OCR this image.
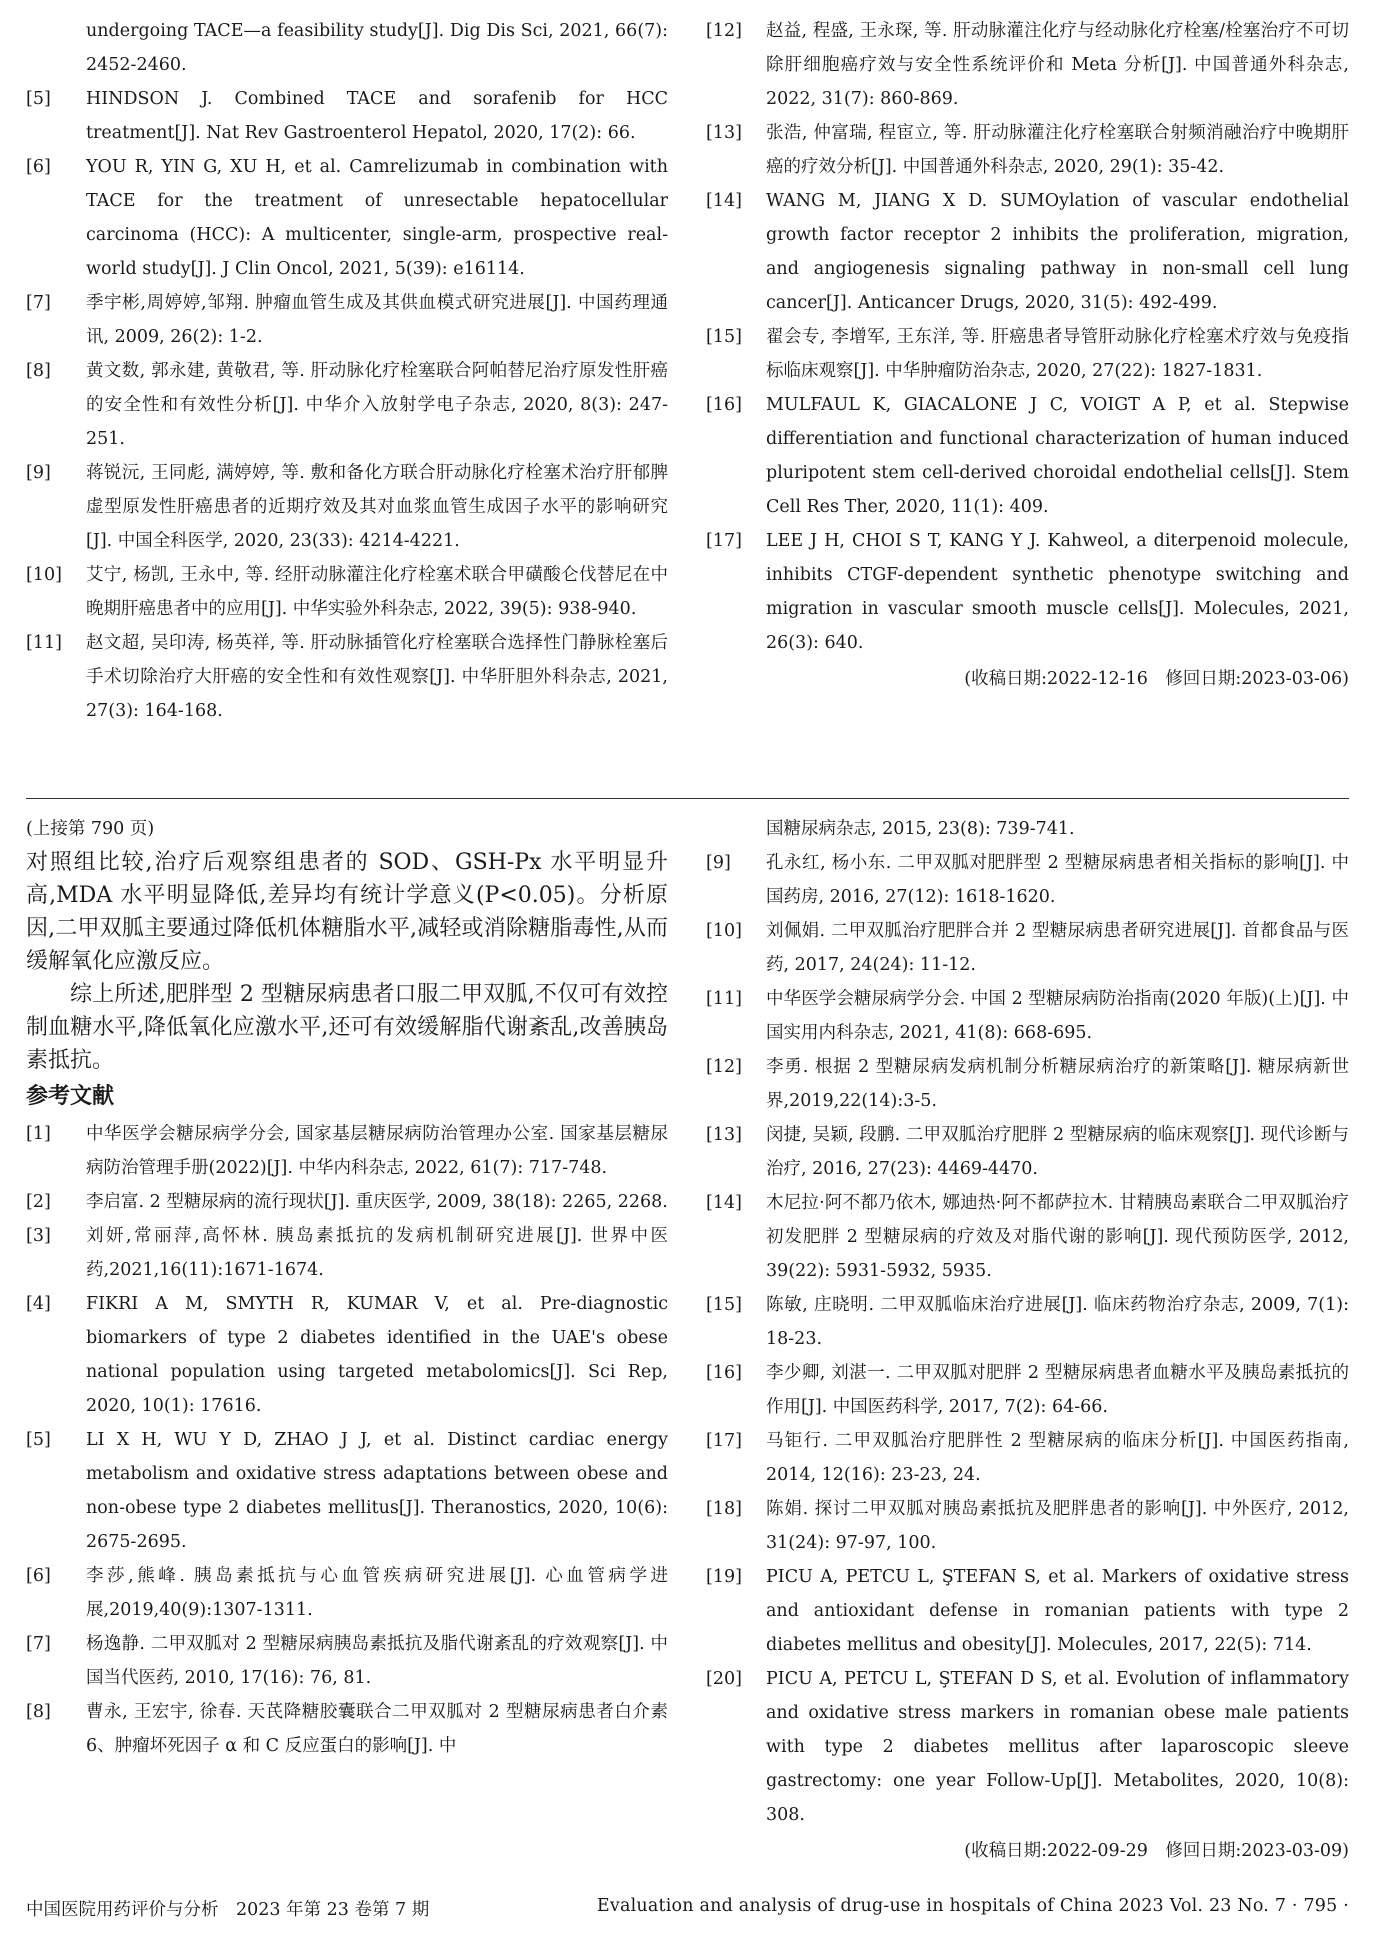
undergoing TACE—a feasibility study[J]. Dig Dis Sci, 2021, 66(7): 2452-2460.
[5]	HINDSON J. Combined TACE and sorafenib for HCC treatment[J]. Nat Rev Gastroenterol Hepatol, 2020, 17(2): 66.
[6]	YOU R, YIN G, XU H, et al. Camrelizumab in combination with TACE for the treatment of unresectable hepatocellular carcinoma (HCC): A multicenter, single-arm, prospective real-world study[J]. J Clin Oncol, 2021, 5(39): e16114.
[7]	季宇彬,周婷婷,邹翔. 肿瘤血管生成及其供血模式研究进展[J]. 中国药理通讯, 2009, 26(2): 1-2.
[8]	黄文数, 郭永建, 黄敬君, 等. 肝动脉化疗栓塞联合阿帕替尼治疗原发性肝癌的安全性和有效性分析[J]. 中华介入放射学电子杂志, 2020, 8(3): 247-251.
[9]	蒋锐沅, 王同彪, 满婷婷, 等. 敷和备化方联合肝动脉化疗栓塞术治疗肝郁脾虚型原发性肝癌患者的近期疗效及其对血浆血管生成因子水平的影响研究[J]. 中国全科医学, 2020, 23(33): 4214-4221.
[10]	艾宁, 杨凯, 王永中, 等. 经肝动脉灌注化疗栓塞术联合甲磺酸仑伐替尼在中晚期肝癌患者中的应用[J]. 中华实验外科杂志, 2022, 39(5): 938-940.
[11]	赵文超, 吴印涛, 杨英祥, 等. 肝动脉插管化疗栓塞联合选择性门静脉栓塞后手术切除治疗大肝癌的安全性和有效性观察[J]. 中华肝胆外科杂志, 2021, 27(3): 164-168.
[12]	赵益, 程盛, 王永琛, 等. 肝动脉灌注化疗与经动脉化疗栓塞/栓塞治疗不可切除肝细胞癌疗效与安全性系统评价和 Meta 分析[J]. 中国普通外科杂志, 2022, 31(7): 860-869.
[13]	张浩, 仲富瑞, 程宦立, 等. 肝动脉灌注化疗栓塞联合射频消融治疗中晚期肝癌的疗效分析[J]. 中国普通外科杂志, 2020, 29(1): 35-42.
[14]	WANG M, JIANG X D. SUMOylation of vascular endothelial growth factor receptor 2 inhibits the proliferation, migration, and angiogenesis signaling pathway in non-small cell lung cancer[J]. Anticancer Drugs, 2020, 31(5): 492-499.
[15]	翟会专, 李增军, 王东洋, 等. 肝癌患者导管肝动脉化疗栓塞术疗效与免疫指标临床观察[J]. 中华肿瘤防治杂志, 2020, 27(22): 1827-1831.
[16]	MULFAUL K, GIACALONE J C, VOIGT A P, et al. Stepwise differentiation and functional characterization of human induced pluripotent stem cell-derived choroidal endothelial cells[J]. Stem Cell Res Ther, 2020, 11(1): 409.
[17]	LEE J H, CHOI S T, KANG Y J. Kahweol, a diterpenoid molecule, inhibits CTGF-dependent synthetic phenotype switching and migration in vascular smooth muscle cells[J]. Molecules, 2021, 26(3): 640.
(收稿日期:2022-12-16　修回日期:2023-03-06)
(上接第 790 页)
对照组比较,治疗后观察组患者的 SOD、GSH-Px 水平明显升高,MDA 水平明显降低,差异均有统计学意义(P<0.05)。分析原因,二甲双胍主要通过降低机体糖脂水平,减轻或消除糖脂毒性,从而缓解氧化应激反应。
综上所述,肥胖型 2 型糖尿病患者口服二甲双胍,不仅可有效控制血糖水平,降低氧化应激水平,还可有效缓解脂代谢紊乱,改善胰岛素抵抗。
参考文献
[1]	中华医学会糖尿病学分会, 国家基层糖尿病防治管理办公室. 国家基层糖尿病防治管理手册(2022)[J]. 中华内科杂志, 2022, 61(7): 717-748.
[2]	李启富. 2 型糖尿病的流行现状[J]. 重庆医学, 2009, 38(18): 2265, 2268.
[3]	刘妍,常丽萍,高怀林. 胰岛素抵抗的发病机制研究进展[J]. 世界中医药,2021,16(11):1671-1674.
[4]	FIKRI A M, SMYTH R, KUMAR V, et al. Pre-diagnostic biomarkers of type 2 diabetes identified in the UAE's obese national population using targeted metabolomics[J]. Sci Rep, 2020, 10(1): 17616.
[5]	LI X H, WU Y D, ZHAO J J, et al. Distinct cardiac energy metabolism and oxidative stress adaptations between obese and non-obese type 2 diabetes mellitus[J]. Theranostics, 2020, 10(6): 2675-2695.
[6]	李莎,熊峰. 胰岛素抵抗与心血管疾病研究进展[J]. 心血管病学进展,2019,40(9):1307-1311.
[7]	杨逸静. 二甲双胍对 2 型糖尿病胰岛素抵抗及脂代谢紊乱的疗效观察[J]. 中国当代医药, 2010, 17(16): 76, 81.
[8]	曹永, 王宏宇, 徐春. 天芪降糖胶囊联合二甲双胍对 2 型糖尿病患者白介素 6、肿瘤坏死因子 α 和 C 反应蛋白的影响[J]. 中
国糖尿病杂志, 2015, 23(8): 739-741.
[9]	孔永红, 杨小东. 二甲双胍对肥胖型 2 型糖尿病患者相关指标的影响[J]. 中国药房, 2016, 27(12): 1618-1620.
[10]	刘佩娟. 二甲双胍治疗肥胖合并 2 型糖尿病患者研究进展[J]. 首都食品与医药, 2017, 24(24): 11-12.
[11]	中华医学会糖尿病学分会. 中国 2 型糖尿病防治指南(2020 年版)(上)[J]. 中国实用内科杂志, 2021, 41(8): 668-695.
[12]	李勇. 根据 2 型糖尿病发病机制分析糖尿病治疗的新策略[J]. 糖尿病新世界,2019,22(14):3-5.
[13]	闵捷, 吴颖, 段鹏. 二甲双胍治疗肥胖 2 型糖尿病的临床观察[J]. 现代诊断与治疗, 2016, 27(23): 4469-4470.
[14]	木尼拉·阿不都乃依木, 娜迪热·阿不都萨拉木. 甘精胰岛素联合二甲双胍治疗初发肥胖 2 型糖尿病的疗效及对脂代谢的影响[J]. 现代预防医学, 2012, 39(22): 5931-5932, 5935.
[15]	陈敏, 庄晓明. 二甲双胍临床治疗进展[J]. 临床药物治疗杂志, 2009, 7(1): 18-23.
[16]	李少卿, 刘湛一. 二甲双胍对肥胖 2 型糖尿病患者血糖水平及胰岛素抵抗的作用[J]. 中国医药科学, 2017, 7(2): 64-66.
[17]	马钜行. 二甲双胍治疗肥胖性 2 型糖尿病的临床分析[J]. 中国医药指南, 2014, 12(16): 23-23, 24.
[18]	陈娟. 探讨二甲双胍对胰岛素抵抗及肥胖患者的影响[J]. 中外医疗, 2012, 31(24): 97-97, 100.
[19]	PICU A, PETCU L, ŞTEFAN S, et al. Markers of oxidative stress and antioxidant defense in romanian patients with type 2 diabetes mellitus and obesity[J]. Molecules, 2017, 22(5): 714.
[20]	PICU A, PETCU L, ŞTEFAN D S, et al. Evolution of inflammatory and oxidative stress markers in romanian obese male patients with type 2 diabetes mellitus after laparoscopic sleeve gastrectomy: one year Follow-Up[J]. Metabolites, 2020, 10(8): 308.
(收稿日期:2022-09-29　修回日期:2023-03-09)
中国医院用药评价与分析　2023 年第 23 卷第 7 期	Evaluation and analysis of drug-use in hospitals of China 2023 Vol. 23 No. 7 · 795 ·
